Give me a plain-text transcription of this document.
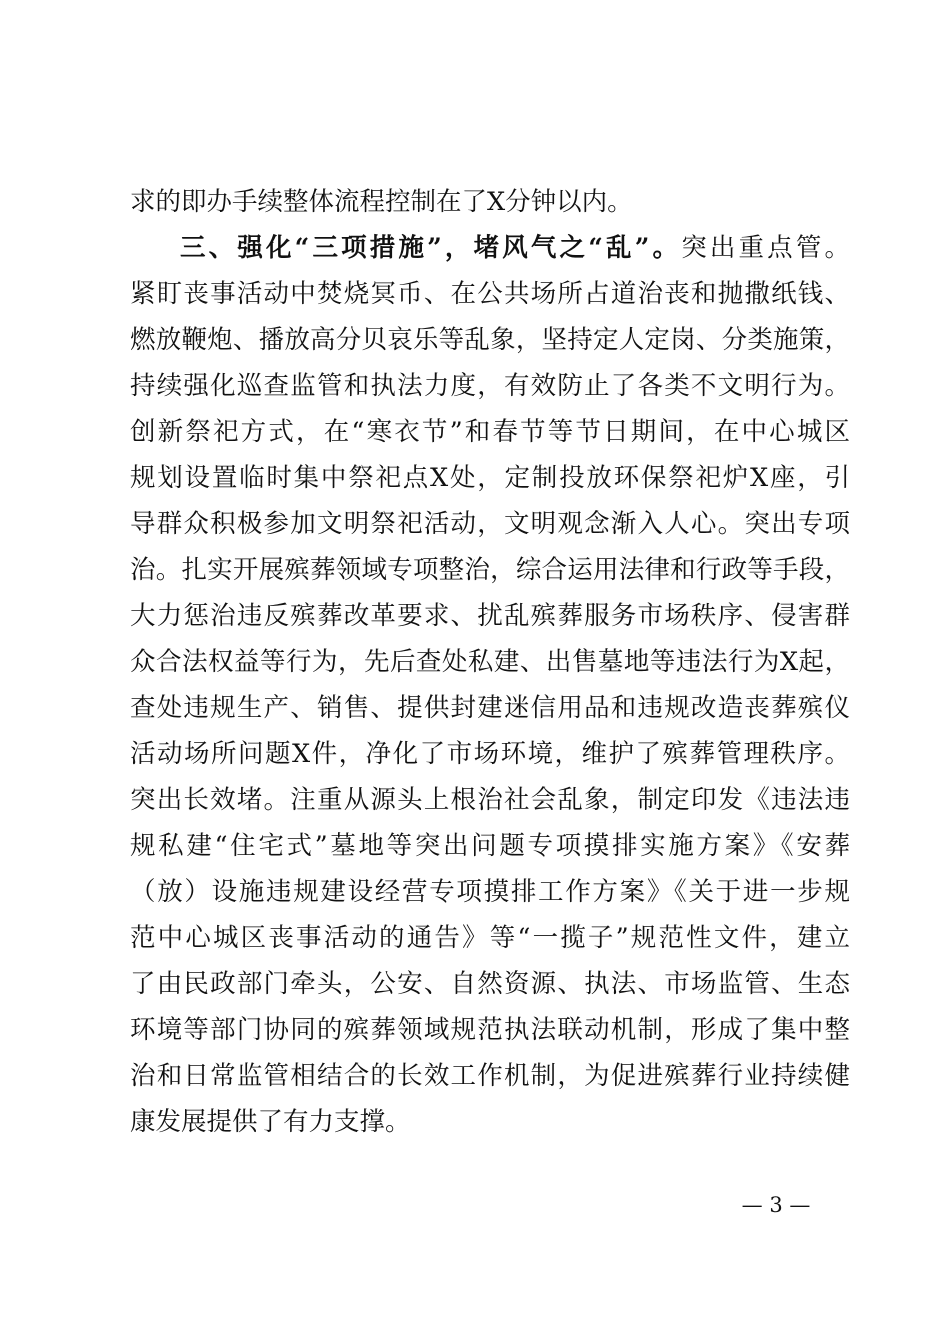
求的即办手续整体流程控制在了X分钟以内。
三、强化“三项措施”，堵风气之“乱”。突出重点管。
紧盯丧事活动中焚烧冥币、在公共场所占道治丧和抛撒纸钱、
燃放鞭炮、播放高分贝哀乐等乱象，坚持定人定岗、分类施策，
持续强化巡查监管和执法力度，有效防止了各类不文明行为。
创新祭祀方式，在“寒衣节”和春节等节日期间，在中心城区
规划设置临时集中祭祀点X处，定制投放环保祭祀炉X座，引
导群众积极参加文明祭祀活动，文明观念渐入人心。突出专项
治。扎实开展殡葬领域专项整治，综合运用法律和行政等手段，
大力惩治违反殡葬改革要求、扰乱殡葬服务市场秩序、侵害群
众合法权益等行为，先后查处私建、出售墓地等违法行为X起，
查处违规生产、销售、提供封建迷信用品和违规改造丧葬殡仪
活动场所问题X件，净化了市场环境，维护了殡葬管理秩序。
突出长效堵。注重从源头上根治社会乱象，制定印发《违法违
规私建“住宅式”墓地等突出问题专项摸排实施方案》《安葬
（放）设施违规建设经营专项摸排工作方案》《关于进一步规
范中心城区丧事活动的通告》等“一揽子”规范性文件，建立
了由民政部门牵头，公安、自然资源、执法、市场监管、生态
环境等部门协同的殡葬领域规范执法联动机制，形成了集中整
治和日常监管相结合的长效工作机制，为促进殡葬行业持续健
康发展提供了有力支撑。
— 3 —
